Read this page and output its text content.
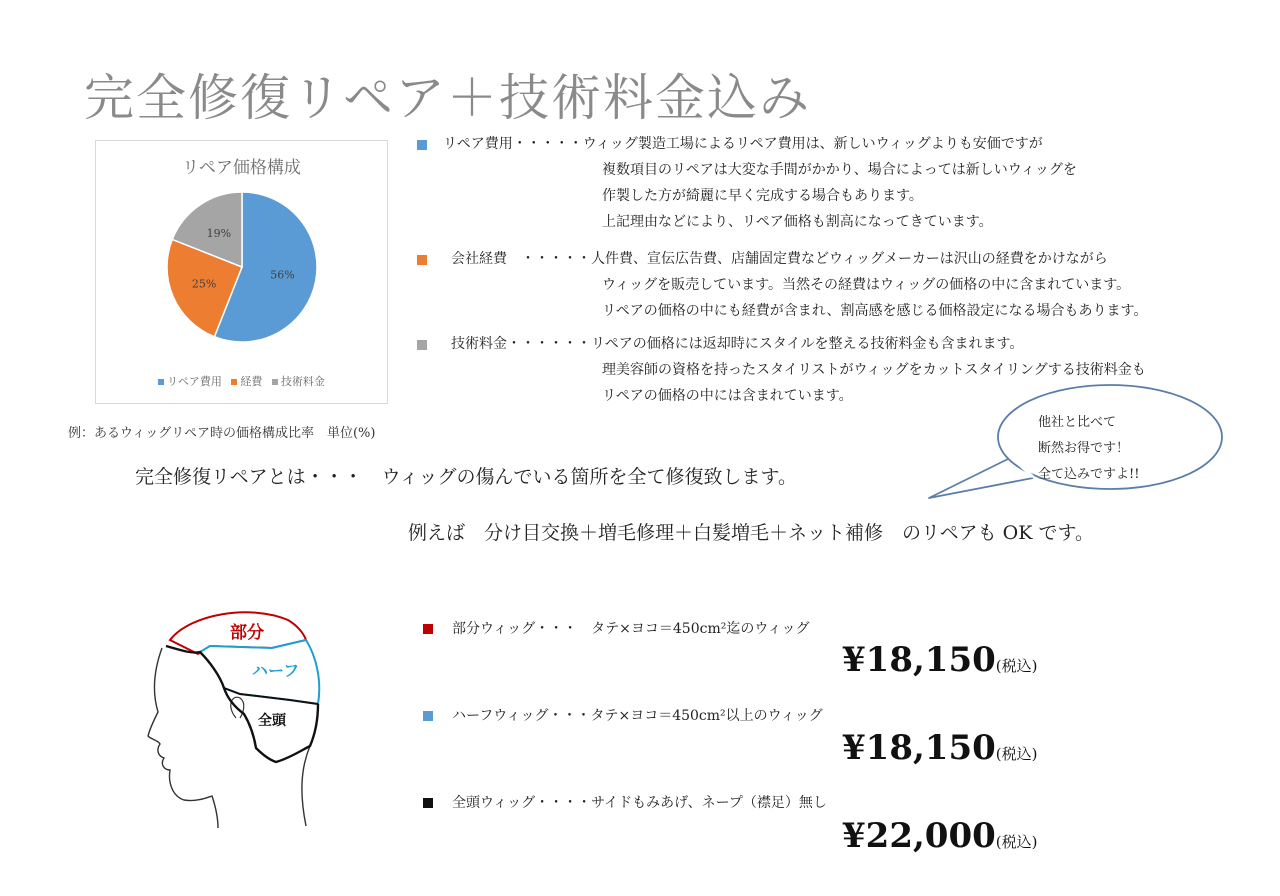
完全修復リペア＋技術料金込み
リペア価格構成
56%
25%
19%
リペア費用 経費 技術料金
例：あるウィッグリペア時の価格構成比率　単位(%)
リペア費用・・・・・ウィッグ製造工場によるリペア費用は、新しいウィッグよりも安価ですが
複数項目のリペアは大変な手間がかかり、場合によっては新しいウィッグを
作製した方が綺麗に早く完成する場合もあります。
上記理由などにより、リペア価格も割高になってきています。
会社経費　・・・・・人件費、宣伝広告費、店舗固定費などウィッグメーカーは沢山の経費をかけながら
ウィッグを販売しています。当然その経費はウィッグの価格の中に含まれています。
リペアの価格の中にも経費が含まれ、割高感を感じる価格設定になる場合もあります。
技術料金・・・・・・リペアの価格には返却時にスタイルを整える技術料金も含まれます。
理美容師の資格を持ったスタイリストがウィッグをカットスタイリングする技術料金も
リペアの価格の中には含まれています。
他社と比べて
断然お得です！
全て込みですよ!!
完全修復リペアとは・・・　ウィッグの傷んでいる箇所を全て修復致します。
例えば　分け目交換＋増毛修理＋白髪増毛＋ネット補修　のリペアも OK です。
部分
ハーフ
全頭
部分ウィッグ・・・　タテ×ヨコ＝450cm²迄のウィッグ
¥18,150(税込)
ハーフウィッグ・・・タテ×ヨコ＝450cm²以上のウィッグ
¥18,150(税込)
全頭ウィッグ・・・・サイドもみあげ、ネープ（襟足）無し
¥22,000(税込)
